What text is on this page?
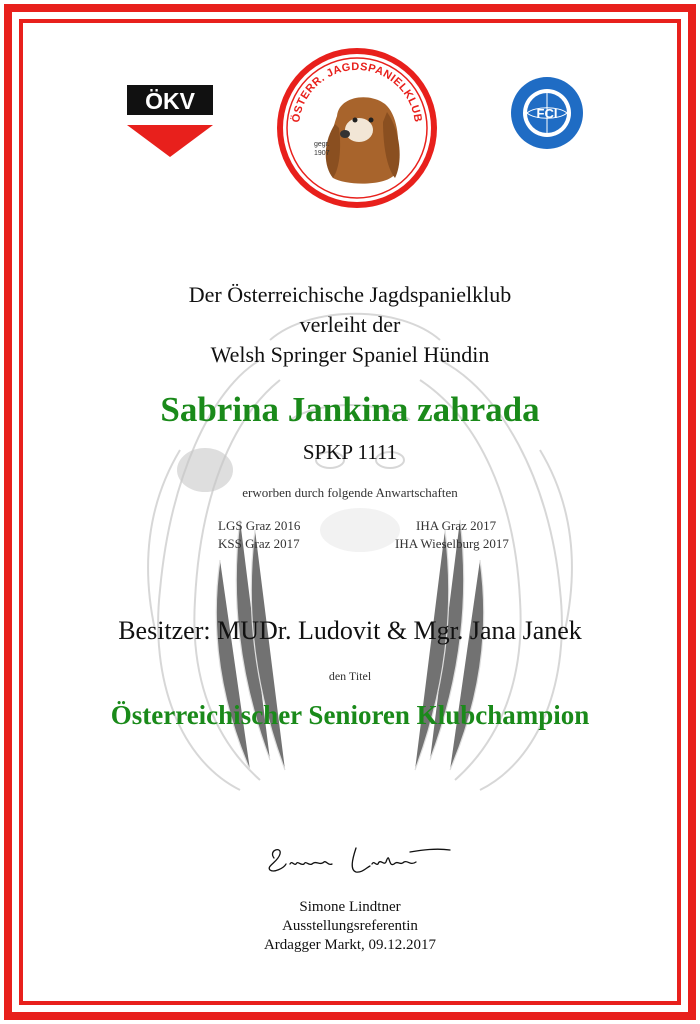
ÖKV
ÖSTERR. JAGDSPANIELKLUB
gegr.
1907
FCI
Der Österreichische Jagdspanielklub
verleiht der
Welsh Springer Spaniel Hündin
Sabrina Jankina zahrada
SPKP 1111
erworben durch folgende Anwartschaften
LGS Graz 2016
KSS Graz 2017
IHA Graz 2017
IHA Wieselburg 2017
Besitzer: MUDr. Ludovit & Mgr. Jana Janek
den Titel
Österreichischer Senioren Klubchampion
Simone Lindtner
Ausstellungsreferentin
Ardagger Markt, 09.12.2017
